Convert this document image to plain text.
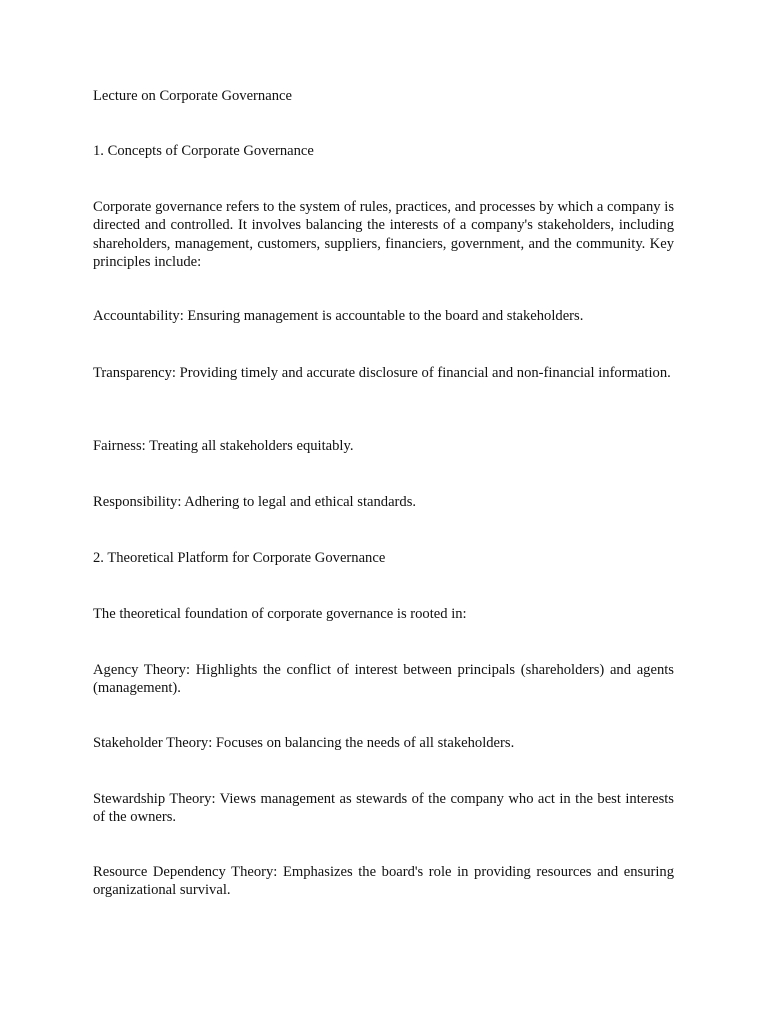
Lecture on Corporate Governance

1. Concepts of Corporate Governance

Corporate governance refers to the system of rules, practices, and processes by which a company is directed and controlled. It involves balancing the interests of a company's stakeholders, including shareholders, management, customers, suppliers, financiers, government, and the community. Key principles include:

Accountability: Ensuring management is accountable to the board and stakeholders.

Transparency: Providing timely and accurate disclosure of financial and non-financial information.

Fairness: Treating all stakeholders equitably.

Responsibility: Adhering to legal and ethical standards.

2. Theoretical Platform for Corporate Governance

The theoretical foundation of corporate governance is rooted in:

Agency Theory: Highlights the conflict of interest between principals (shareholders) and agents (management).

Stakeholder Theory: Focuses on balancing the needs of all stakeholders.

Stewardship Theory: Views management as stewards of the company who act in the best interests of the owners.

Resource Dependency Theory: Emphasizes the board's role in providing resources and ensuring organizational survival.
